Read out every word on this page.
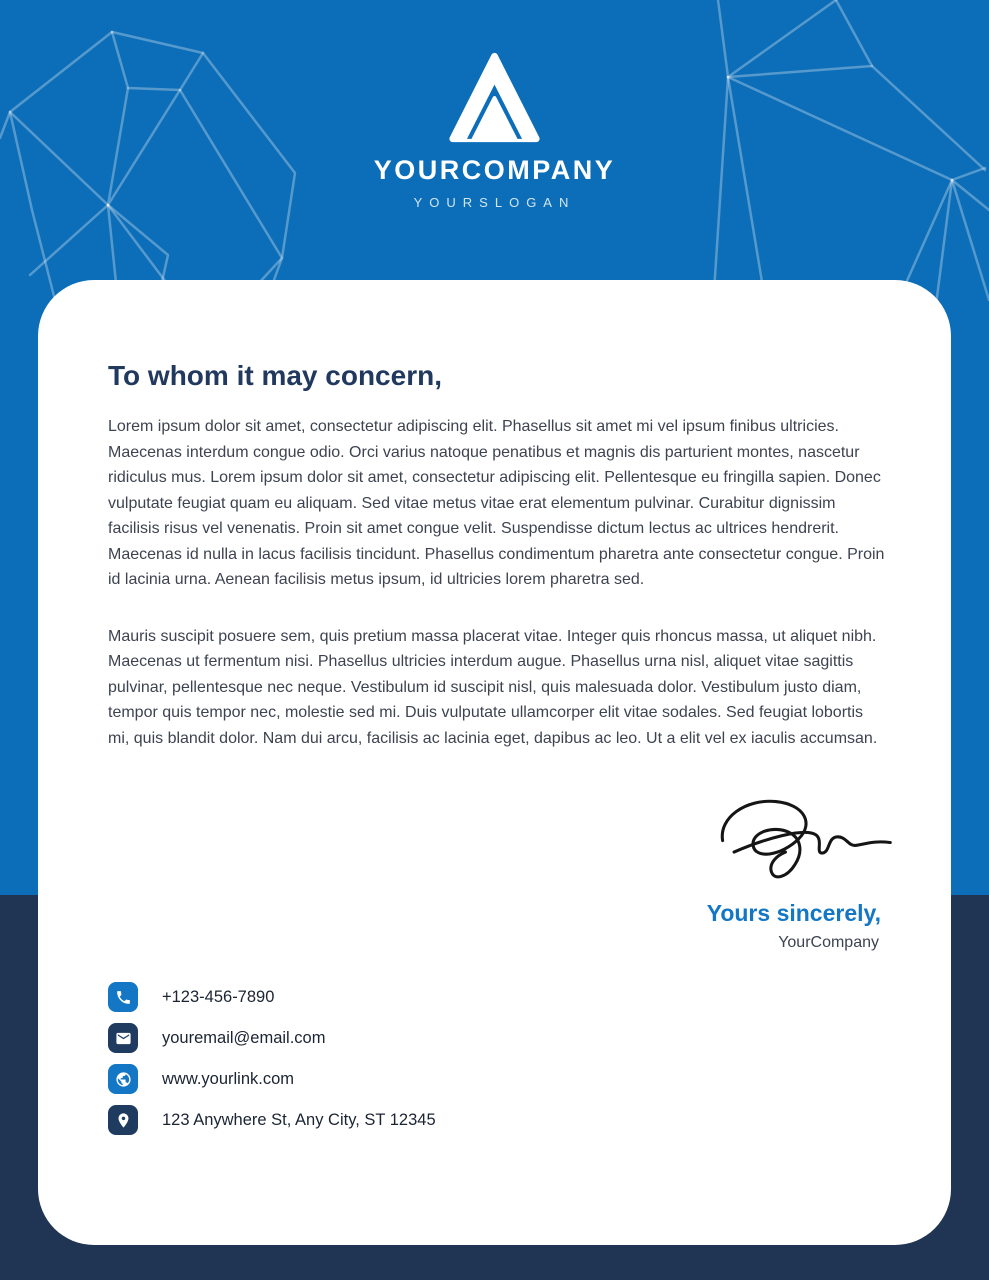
YOURCOMPANY
YOURSLOGAN
To whom it may concern,

Lorem ipsum dolor sit amet, consectetur adipiscing elit. Phasellus sit amet mi vel ipsum finibus ultricies. Maecenas interdum congue odio. Orci varius natoque penatibus et magnis dis parturient montes, nascetur ridiculus mus. Lorem ipsum dolor sit amet, consectetur adipiscing elit. Pellentesque eu fringilla sapien. Donec vulputate feugiat quam eu aliquam. Sed vitae metus vitae erat elementum pulvinar. Curabitur dignissim facilisis risus vel venenatis. Proin sit amet congue velit. Suspendisse dictum lectus ac ultrices hendrerit. Maecenas id nulla in lacus facilisis tincidunt. Phasellus condimentum pharetra ante consectetur congue. Proin id lacinia urna. Aenean facilisis metus ipsum, id ultricies lorem pharetra sed.

Mauris suscipit posuere sem, quis pretium massa placerat vitae. Integer quis rhoncus massa, ut aliquet nibh. Maecenas ut fermentum nisi. Phasellus ultricies interdum augue. Phasellus urna nisl, aliquet vitae sagittis pulvinar, pellentesque nec neque. Vestibulum id suscipit nisl, quis malesuada dolor. Vestibulum justo diam, tempor quis tempor nec, molestie sed mi. Duis vulputate ullamcorper elit vitae sodales. Sed feugiat lobortis mi, quis blandit dolor. Nam dui arcu, facilisis ac lacinia eget, dapibus ac leo. Ut a elit vel ex iaculis accumsan.

Yours sincerely,
YourCompany
+123-456-7890
youremail@email.com
www.yourlink.com
123 Anywhere St, Any City, ST 12345
